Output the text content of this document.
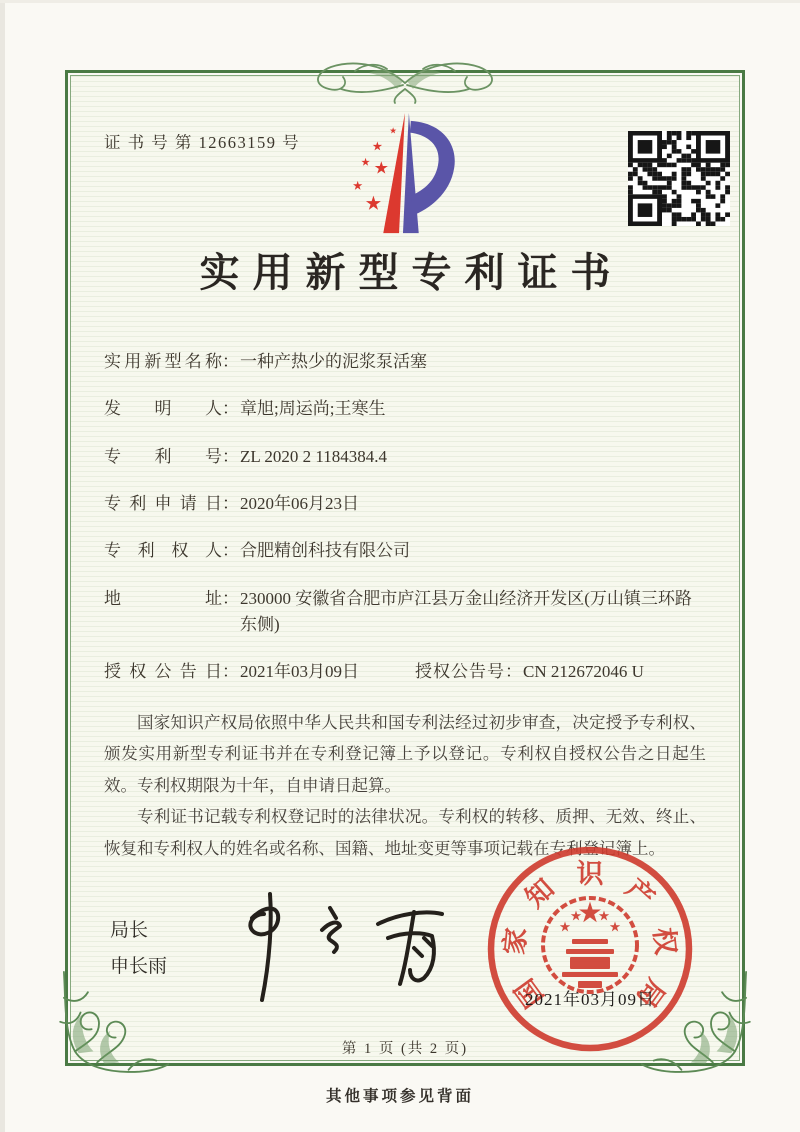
证 书 号 第 12663159 号
实用新型专利证书
实用新型名称 ： 一种产热少的泥浆泵活塞
发明人 ： 章旭;周运尚;王寒生
专利号 ： ZL 2020 2 1184384.4
专利申请日 ： 2020年06月23日
专利权人 ： 合肥精创科技有限公司
地址 ： 230000 安徽省合肥市庐江县万金山经济开发区(万山镇三环路东侧)
授权公告日 ： 2021年03月09日	授权公告号 ： CN 212672046 U

国家知识产权局依照中华人民共和国专利法经过初步审查，决定授予专利权、颁发实用新型专利证书并在专利登记簿上予以登记。专利权自授权公告之日起生效。专利权期限为十年，自申请日起算。

专利证书记载专利权登记时的法律状况。专利权的转移、质押、无效、终止、恢复和专利权人的姓名或名称、国籍、地址变更等事项记载在专利登记簿上。

局长
申长雨
国
家
知 识 产
权
局
2021年03月09日
第 1 页 (共 2 页)
其他事项参见背面
